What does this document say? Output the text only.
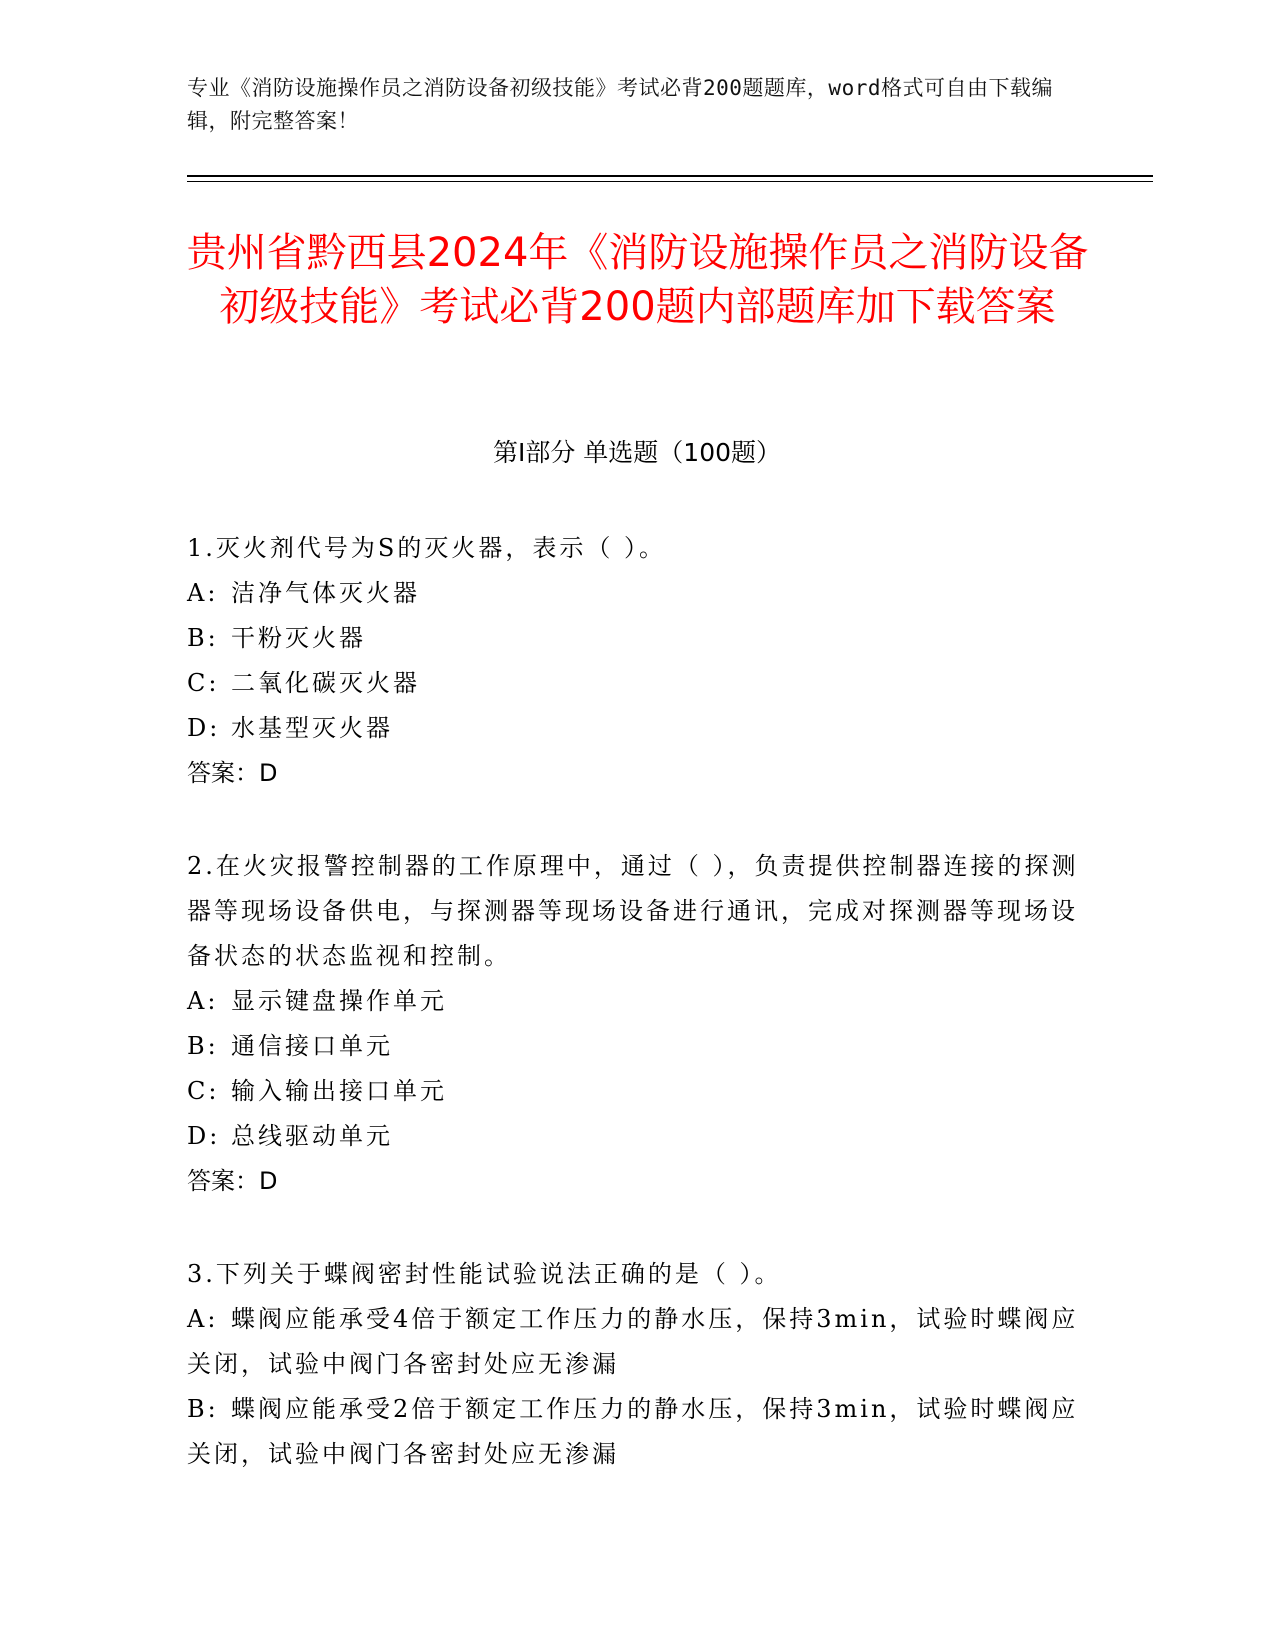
专业《消防设施操作员之消防设备初级技能》考试必背200题题库，word格式可自由下载编辑，附完整答案！
贵州省黔西县2024年《消防设施操作员之消防设备初级技能》考试必背200题内部题库加下载答案
第I部分 单选题（100题）

1.灭火剂代号为S的灭火器，表示（ ）。

A: 洁净气体灭火器

B: 干粉灭火器

C: 二氧化碳灭火器

D: 水基型灭火器

答案：D

2.在火灾报警控制器的工作原理中，通过（ ），负责提供控制器连接的探测器等现场设备供电，与探测器等现场设备进行通讯，完成对探测器等现场设备状态的状态监视和控制。

A: 显示键盘操作单元

B: 通信接口单元

C: 输入输出接口单元

D: 总线驱动单元

答案：D

3.下列关于蝶阀密封性能试验说法正确的是（ ）。

A: 蝶阀应能承受4倍于额定工作压力的静水压，保持3min，试验时蝶阀应关闭，试验中阀门各密封处应无渗漏

B: 蝶阀应能承受2倍于额定工作压力的静水压，保持3min，试验时蝶阀应关闭，试验中阀门各密封处应无渗漏
